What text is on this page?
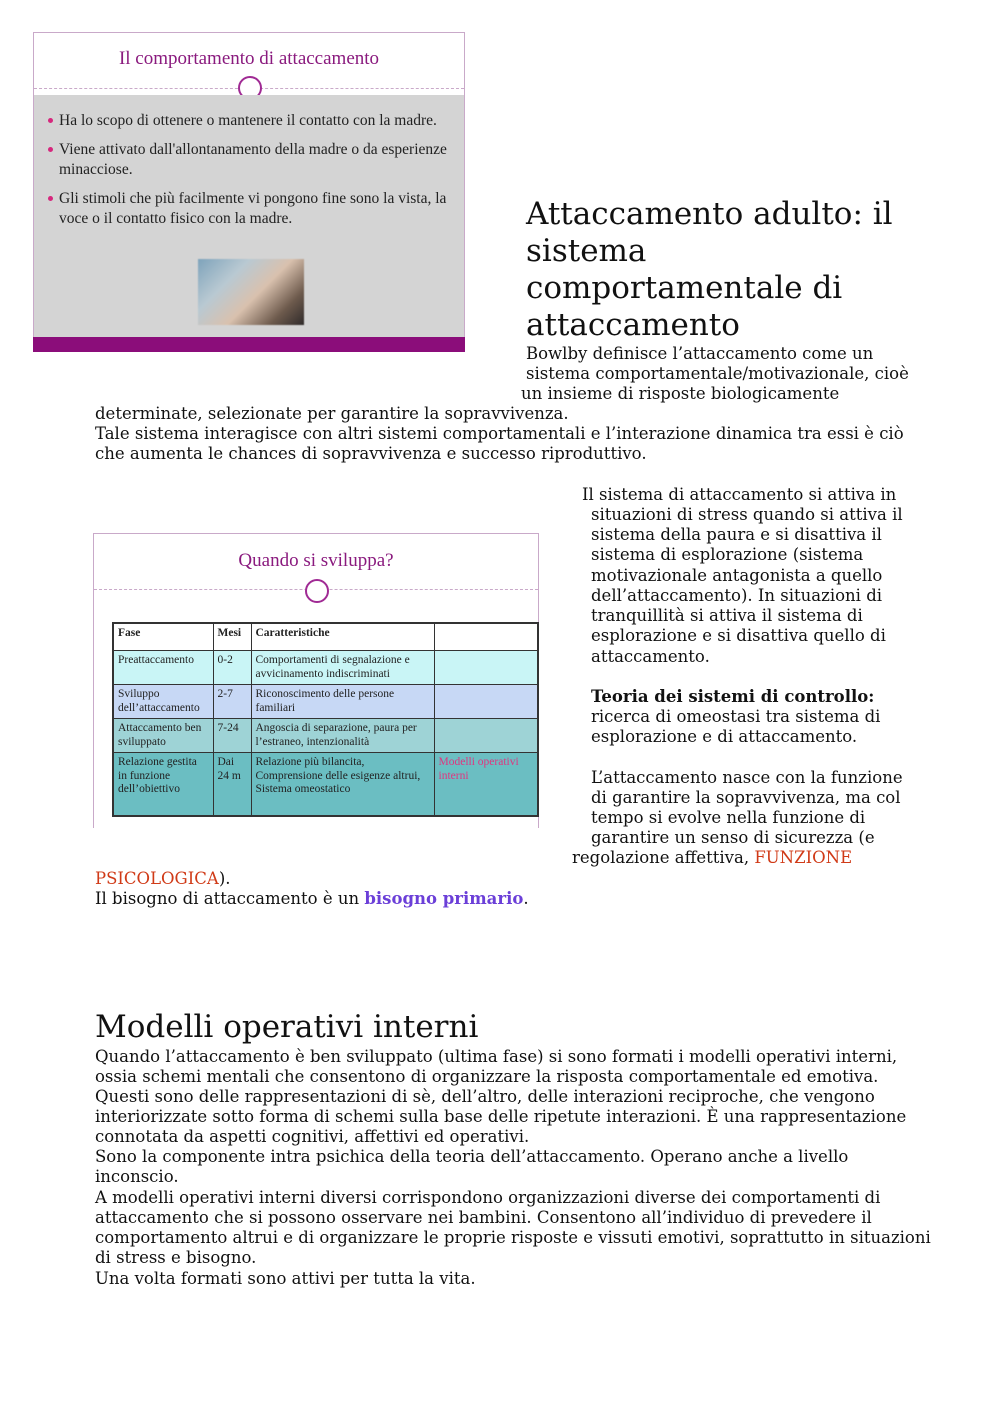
Il comportamento di attaccamento
Ha lo scopo di ottenere o mantenere il contatto con la madre.
Viene attivato dall'allontanamento della madre o da esperienze minacciose.
Gli stimoli che più facilmente vi pongono fine sono la vista, la voce o il contatto fisico con la madre.	Attaccamento adulto: il
sistema
comportamentale di
attaccamento
Bowlby definisce l’attaccamento come un
sistema comportamentale/motivazionale, cioè
un insieme di risposte biologicamente
determinate, selezionate per garantire la sopravvivenza.
Tale sistema interagisce con altri sistemi comportamentali e l’interazione dinamica tra essi è ciò
che aumenta le chances di sopravvivenza e successo riproduttivo.
Quando si sviluppa?
Fase	Mesi	Caratteristiche	
Preattaccamento	0-2	Comportamenti di segnalazione e avvicinamento indiscriminati	
Sviluppo dell’attaccamento	2-7	Riconoscimento delle persone familiari	
Attaccamento ben sviluppato	7-24	Angoscia di separazione, paura per l’estraneo, intenzionalità	
Relazione gestita in funzione dell’obiettivo	Dai 24 m	Relazione più bilancita, Comprensione delle esigenze altrui, Sistema omeostatico	Modelli operativi interni
Il sistema di attaccamento si attiva in
situazioni di stress quando si attiva il
sistema della paura e si disattiva il
sistema di esplorazione (sistema
motivazionale antagonista a quello
dell’attaccamento). In situazioni di
tranquillità si attiva il sistema di
esplorazione e si disattiva quello di
attaccamento.
Teoria dei sistemi di controllo:
ricerca di omeostasi tra sistema di
esplorazione e di attaccamento.
L’attaccamento nasce con la funzione
di garantire la sopravvivenza, ma col
tempo si evolve nella funzione di
garantire un senso di sicurezza (e
regolazione affettiva, FUNZIONE
PSICOLOGICA).
Il bisogno di attaccamento è un bisogno primario.
Modelli operativi interni
Quando l’attaccamento è ben sviluppato (ultima fase) si sono formati i modelli operativi interni,
ossia schemi mentali che consentono di organizzare la risposta comportamentale ed emotiva.
Questi sono delle rappresentazioni di sè, dell’altro, delle interazioni reciproche, che vengono
interiorizzate sotto forma di schemi sulla base delle ripetute interazioni. È una rappresentazione
connotata da aspetti cognitivi, affettivi ed operativi.
Sono la componente intra psichica della teoria dell’attaccamento. Operano anche a livello
inconscio.
A modelli operativi interni diversi corrispondono organizzazioni diverse dei comportamenti di
attaccamento che si possono osservare nei bambini. Consentono all’individuo di prevedere il
comportamento altrui e di organizzare le proprie risposte e vissuti emotivi, soprattutto in situazioni
di stress e bisogno.
Una volta formati sono attivi per tutta la vita.
